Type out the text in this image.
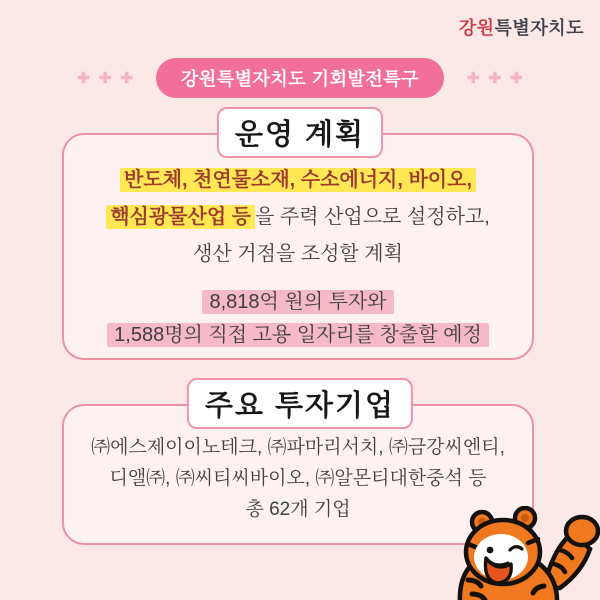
강원특별자치도
✚ ✚ ✚	강원특별자치도 기회발전특구	✚ ✚ ✚
운영 계획
반도체, 천연물소재, 수소에너지, 바이오,
핵심광물산업 등 을 주력 산업으로 설정하고,
생산 거점을 조성할 계획
8,818억 원의 투자와
1,588명의 직접 고용 일자리를 창출할 예정
주요 투자기업
㈜에스제이이노테크, ㈜파마리서치, ㈜금강씨엔티,
디앨㈜, ㈜씨티씨바이오, ㈜알몬티대한중석 등
총 62개 기업
